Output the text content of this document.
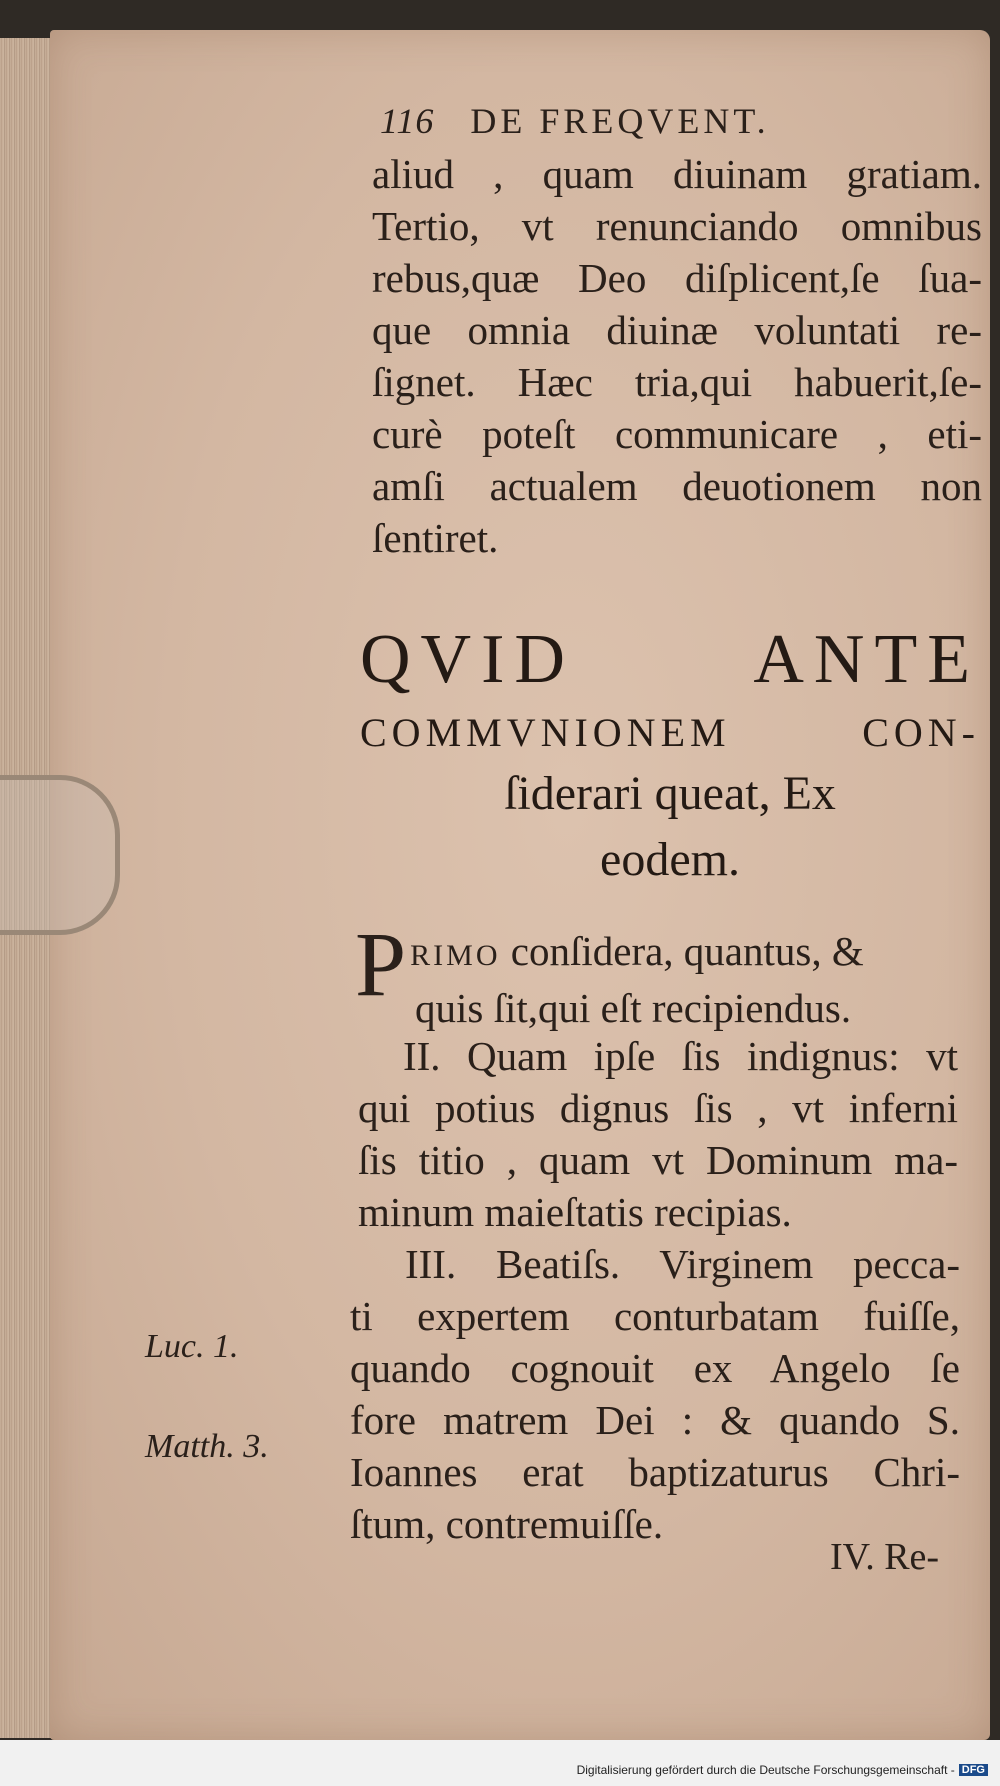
116 DE FREQVENT.
aliud , quam diuinam gratiam.
Tertio, vt renunciando omnibus
rebus,quæ Deo diſplicent,ſe ſua-
que omnia diuinæ voluntati re-
ſignet. Hæc tria,qui habuerit,ſe-
curè poteſt communicare , eti-
amſi actualem deuotionem non
ſentiret.
QVID ANTE
COMMVNIONEM CON-
ſiderari queat, Ex
eodem.
P RIMO conſidera, quantus, &
quis ſit,qui eſt recipiendus.
II. Quam ipſe ſis indignus: vt
qui potius dignus ſis , vt inferni
ſis titio , quam vt Dominum ma-
minum maieſtatis recipias.
III. Beatiſs. Virginem pecca-
ti expertem conturbatam fuiſſe,
quando cognouit ex Angelo ſe
fore matrem Dei : & quando S.
Ioannes erat baptizaturus Chri-
ſtum, contremuiſſe.
Luc. 1.
Matth. 3.
IV. Re-
Digitalisierung gefördert durch die Deutsche Forschungsgemeinschaft - DFG
